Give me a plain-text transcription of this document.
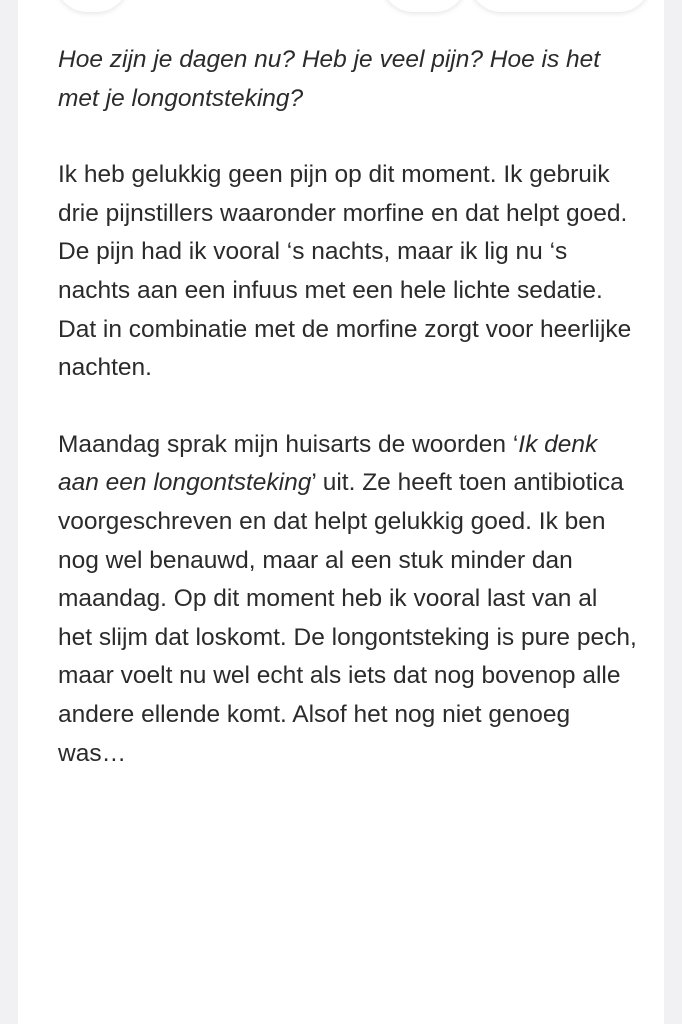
Hoe zijn je dagen nu? Heb je veel pijn? Hoe is het met je longontsteking?

Ik heb gelukkig geen pijn op dit moment. Ik gebruik drie pijnstillers waaronder morfine en dat helpt goed. De pijn had ik vooral ‘s nachts, maar ik lig nu ‘s nachts aan een infuus met een hele lichte sedatie. Dat in combinatie met de morfine zorgt voor heerlijke nachten.

Maandag sprak mijn huisarts de woorden ‘Ik denk aan een longontsteking’ uit. Ze heeft toen antibiotica voorgeschreven en dat helpt gelukkig goed. Ik ben nog wel benauwd, maar al een stuk minder dan maandag. Op dit moment heb ik vooral last van al het slijm dat loskomt. De longontsteking is pure pech, maar voelt nu wel echt als iets dat nog bovenop alle andere ellende komt. Alsof het nog niet genoeg was…
